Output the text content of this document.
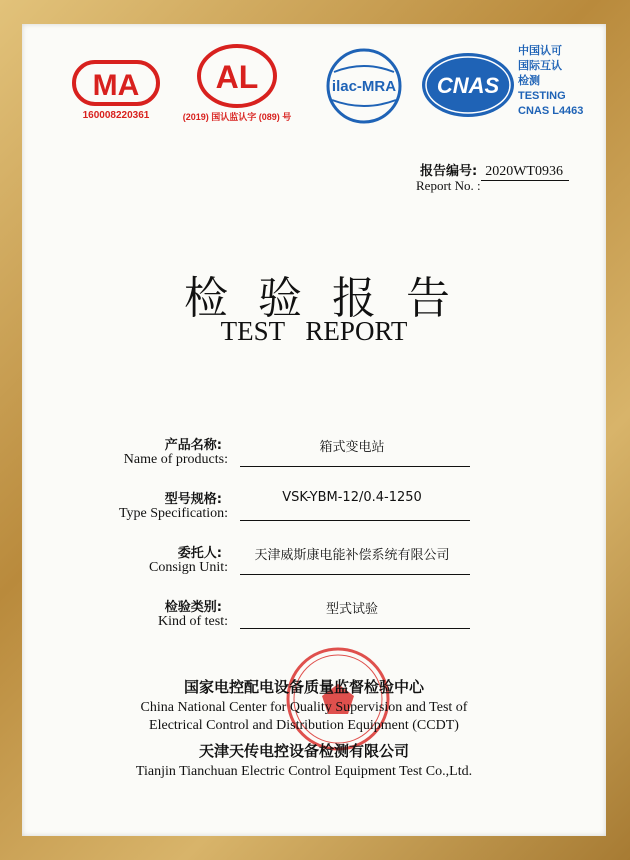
MA
160008220361
AL
(2019) 国认监认字 (089) 号
ilac-MRA CNAS
中国认可
国际互认
检测
TESTING
CNAS L4463
报告编号: 2020WT0936
Report No. :
检验报告
TEST REPORT
产品名称:
Name of products:
箱式变电站
型号规格:
Type Specification:
VSK-YBM-12/0.4-1250
委托人:
Consign Unit:
天津威斯康电能补偿系统有限公司
检验类别:
Kind of test:
型式试验
国家电控配电设备质量监督检验中心
China National Center for Quality Supervision and Test of
Electrical Control and Distribution Equipment (CCDT)
天津天传电控设备检测有限公司
Tianjin Tianchuan Electric Control Equipment Test Co.,Ltd.
